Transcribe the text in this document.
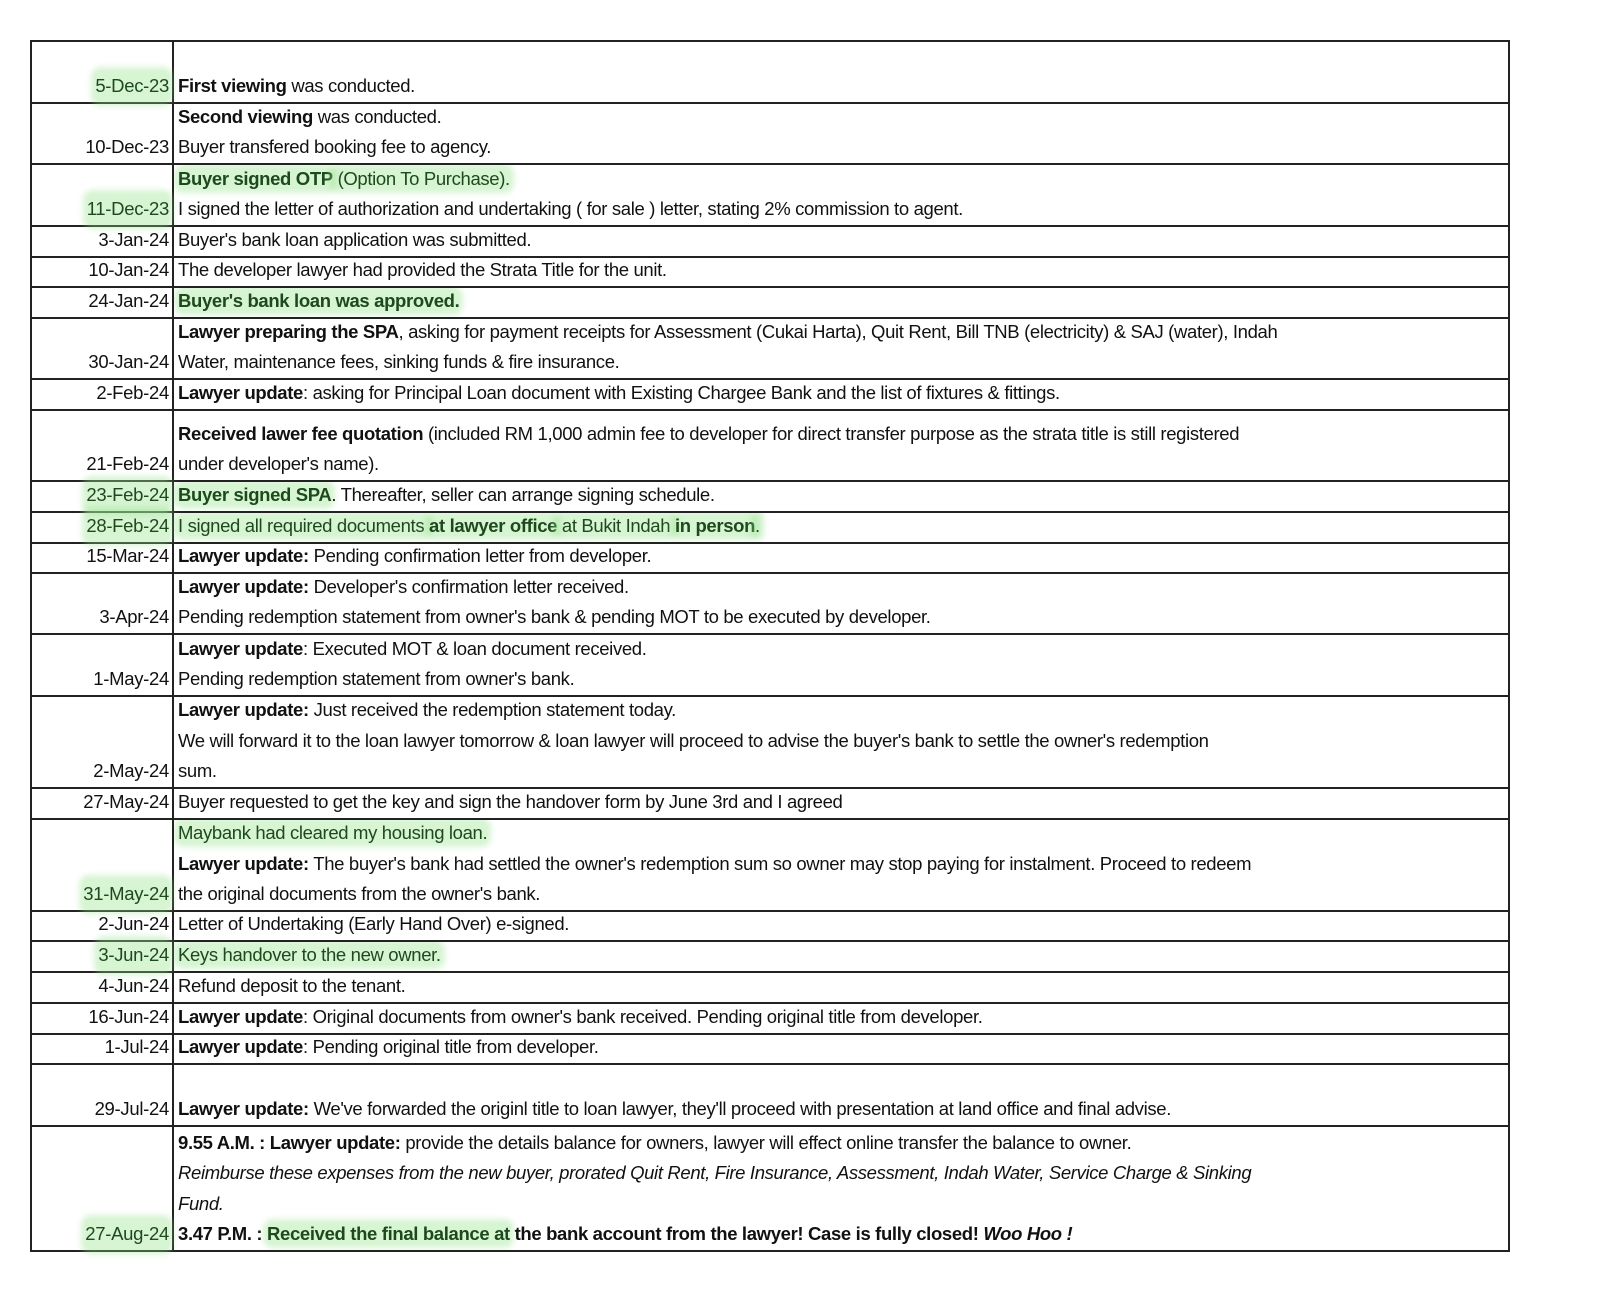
5-Dec-23 First viewing was conducted.
10-Dec-23
Second viewing was conducted.
Buyer transfered booking fee to agency.
11-Dec-23
Buyer signed OTP (Option To Purchase).
I signed the letter of authorization and undertaking ( for sale ) letter, stating 2% commission to agent.
3-Jan-24 Buyer's bank loan application was submitted.
10-Jan-24 The developer lawyer had provided the Strata Title for the unit.
24-Jan-24 Buyer's bank loan was approved.
30-Jan-24
Lawyer preparing the SPA, asking for payment receipts for Assessment (Cukai Harta), Quit Rent, Bill TNB (electricity) & SAJ (water), Indah
Water, maintenance fees, sinking funds & fire insurance.
2-Feb-24 Lawyer update: asking for Principal Loan document with Existing Chargee Bank and the list of fixtures & fittings.
21-Feb-24
Received lawer fee quotation (included RM 1,000 admin fee to developer for direct transfer purpose as the strata title is still registered
under developer's name).
23-Feb-24 Buyer signed SPA. Thereafter, seller can arrange signing schedule.
28-Feb-24 I signed all required documents at lawyer office at Bukit Indah in person.
15-Mar-24 Lawyer update: Pending confirmation letter from developer.
3-Apr-24
Lawyer update: Developer's confirmation letter received.
Pending redemption statement from owner's bank & pending MOT to be executed by developer.
1-May-24
Lawyer update: Executed MOT & loan document received.
Pending redemption statement from owner's bank.
2-May-24
Lawyer update: Just received the redemption statement today.
We will forward it to the loan lawyer tomorrow & loan lawyer will proceed to advise the buyer's bank to settle the owner's redemption
sum.
27-May-24 Buyer requested to get the key and sign the handover form by June 3rd and I agreed
31-May-24
Maybank had cleared my housing loan.
Lawyer update: The buyer's bank had settled the owner's redemption sum so owner may stop paying for instalment. Proceed to redeem
the original documents from the owner's bank.
2-Jun-24 Letter of Undertaking (Early Hand Over) e-signed.
3-Jun-24 Keys handover to the new owner.
4-Jun-24 Refund deposit to the tenant.
16-Jun-24 Lawyer update: Original documents from owner's bank received. Pending original title from developer.
1-Jul-24 Lawyer update: Pending original title from developer.
29-Jul-24 Lawyer update: We've forwarded the originl title to loan lawyer, they'll proceed with presentation at land office and final advise.
27-Aug-24
9.55 A.M. : Lawyer update: provide the details balance for owners, lawyer will effect online transfer the balance to owner.
Reimburse these expenses from the new buyer, prorated Quit Rent, Fire Insurance, Assessment, Indah Water, Service Charge & Sinking
Fund.
3.47 P.M. : Received the final balance at the bank account from the lawyer! Case is fully closed! Woo Hoo !
